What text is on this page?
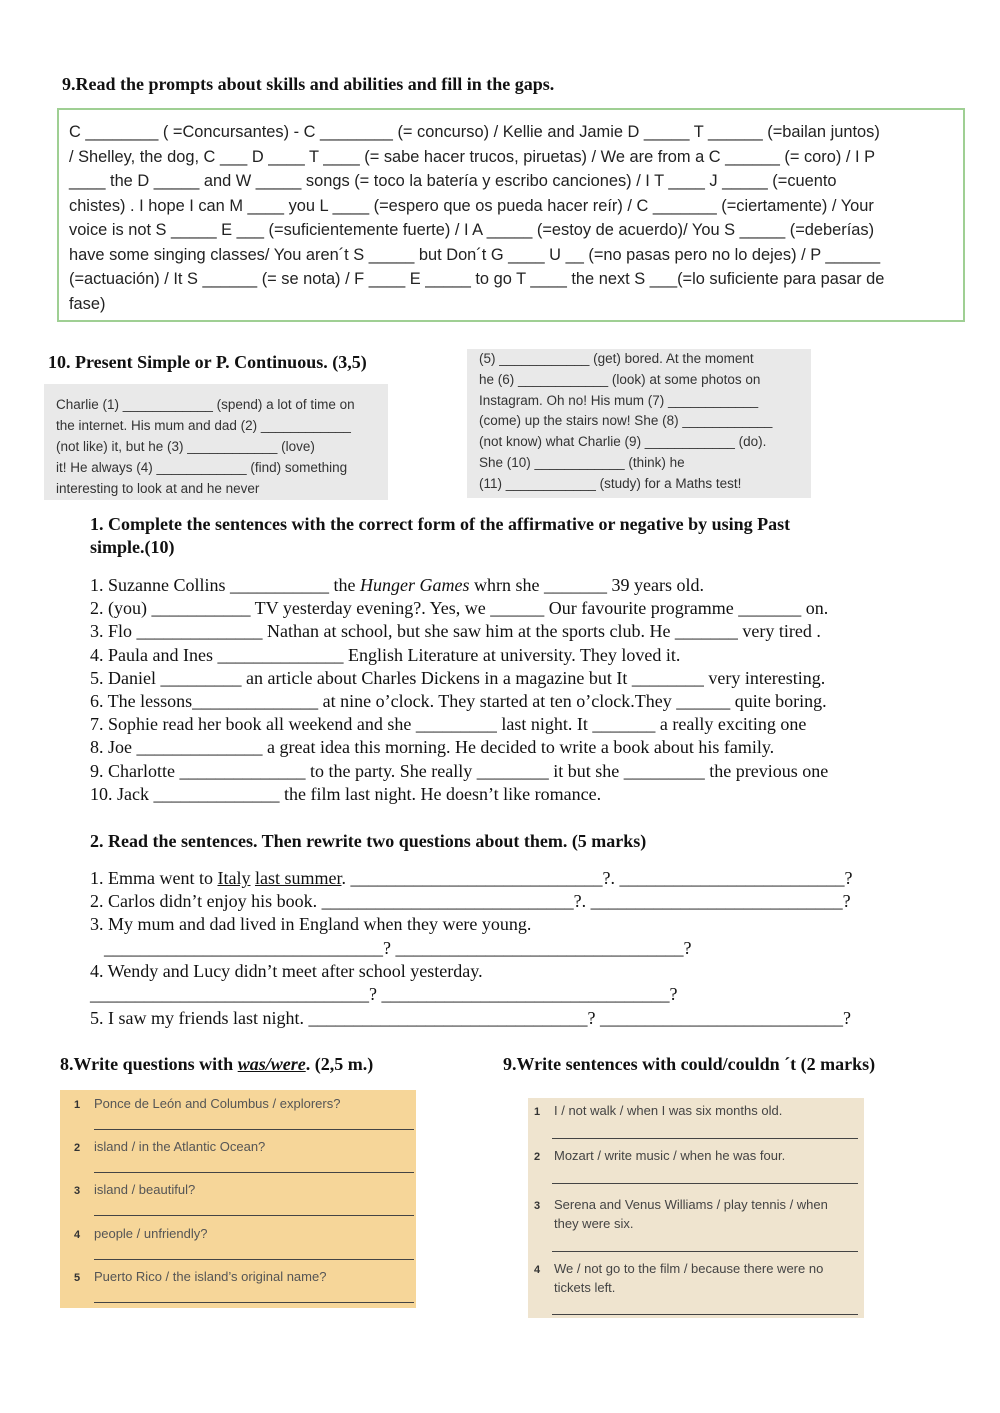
9.Read the prompts about skills and abilities and fill in the gaps.
C ________ ( =Concursantes) - C ________ (= concurso) / Kellie and Jamie D _____ T ______ (=bailan juntos)
/ Shelley, the dog, C ___ D ____ T ____ (= sabe hacer trucos, piruetas) / We are from a C ______ (= coro) / I P
____ the D _____ and W _____ songs (= toco la batería y escribo canciones) / I T ____ J _____ (=cuento
chistes) . I hope I can M ____ you L ____ (=espero que os pueda hacer reír) / C _______ (=ciertamente) / Your
voice is not S _____ E ___ (=suficientemente fuerte) / I A _____ (=estoy de acuerdo)/ You S _____ (=deberías)
have some singing classes/ You aren´t S _____ but Don´t G ____ U __ (=no pasas pero no lo dejes) / P ______
(=actuación) / It S ______ (= se nota) / F ____ E _____ to go T ____ the next S ___(=lo suficiente para pasar de
fase)
10. Present Simple or P. Continuous. (3,5)
Charlie (1) ____________ (spend) a lot of time on
the internet. His mum and dad (2) ____________
(not like) it, but he (3) ____________ (love)
it! He always (4) ____________ (find) something
interesting to look at and he never
(5) ____________ (get) bored. At the moment
he (6) ____________ (look) at some photos on
Instagram. Oh no! His mum (7) ____________
(come) up the stairs now! She (8) ____________
(not know) what Charlie (9) ____________ (do).
She (10) ____________ (think) he
(11) ____________ (study) for a Maths test!
1. Complete the sentences with the correct form of the affirmative or negative by using Past
simple.(10)
1. Suzanne Collins ___________ the Hunger Games whrn she _______ 39 years old.
2. (you) ___________ TV yesterday evening?. Yes, we ______ Our favourite programme _______ on.
3. Flo ______________ Nathan at school, but she saw him at the sports club. He _______ very tired .
4. Paula and Ines ______________ English Literature at university. They loved it.
5. Daniel _________ an article about Charles Dickens in a magazine but It ________ very interesting.
6. The lessons______________ at nine o’clock. They started at ten o’clock.They ______ quite boring.
7. Sophie read her book all weekend and she _________ last night. It _______ a really exciting one
8. Joe ______________ a great idea this morning. He decided to write a book about his family.
9. Charlotte ______________ to the party. She really ________ it but she _________ the previous one
10. Jack ______________ the film last night. He doesn’t like romance.
2. Read the sentences. Then rewrite two questions about them. (5 marks)
1. Emma went to Italy last summer. ____________________________?. _________________________?
2. Carlos didn’t enjoy his book. ____________________________?. ____________________________?
3. My mum and dad lived in England when they were young.
_______________________________? ________________________________?
4. Wendy and Lucy didn’t meet after school yesterday.
_______________________________? ________________________________?
5. I saw my friends last night. _______________________________? ___________________________?
8.Write questions with was/were. (2,5 m.)
1 Ponce de León and Columbus / explorers?
2 island / in the Atlantic Ocean?
3 island / beautiful?
4 people / unfriendly?
5 Puerto Rico / the island’s original name?
9.Write sentences with could/couldn ´t (2 marks)
1 I / not walk / when I was six months old.
2 Mozart / write music / when he was four.
3 Serena and Venus Williams / play tennis / when
they were six.
4 We / not go to the film / because there were no
tickets left.
